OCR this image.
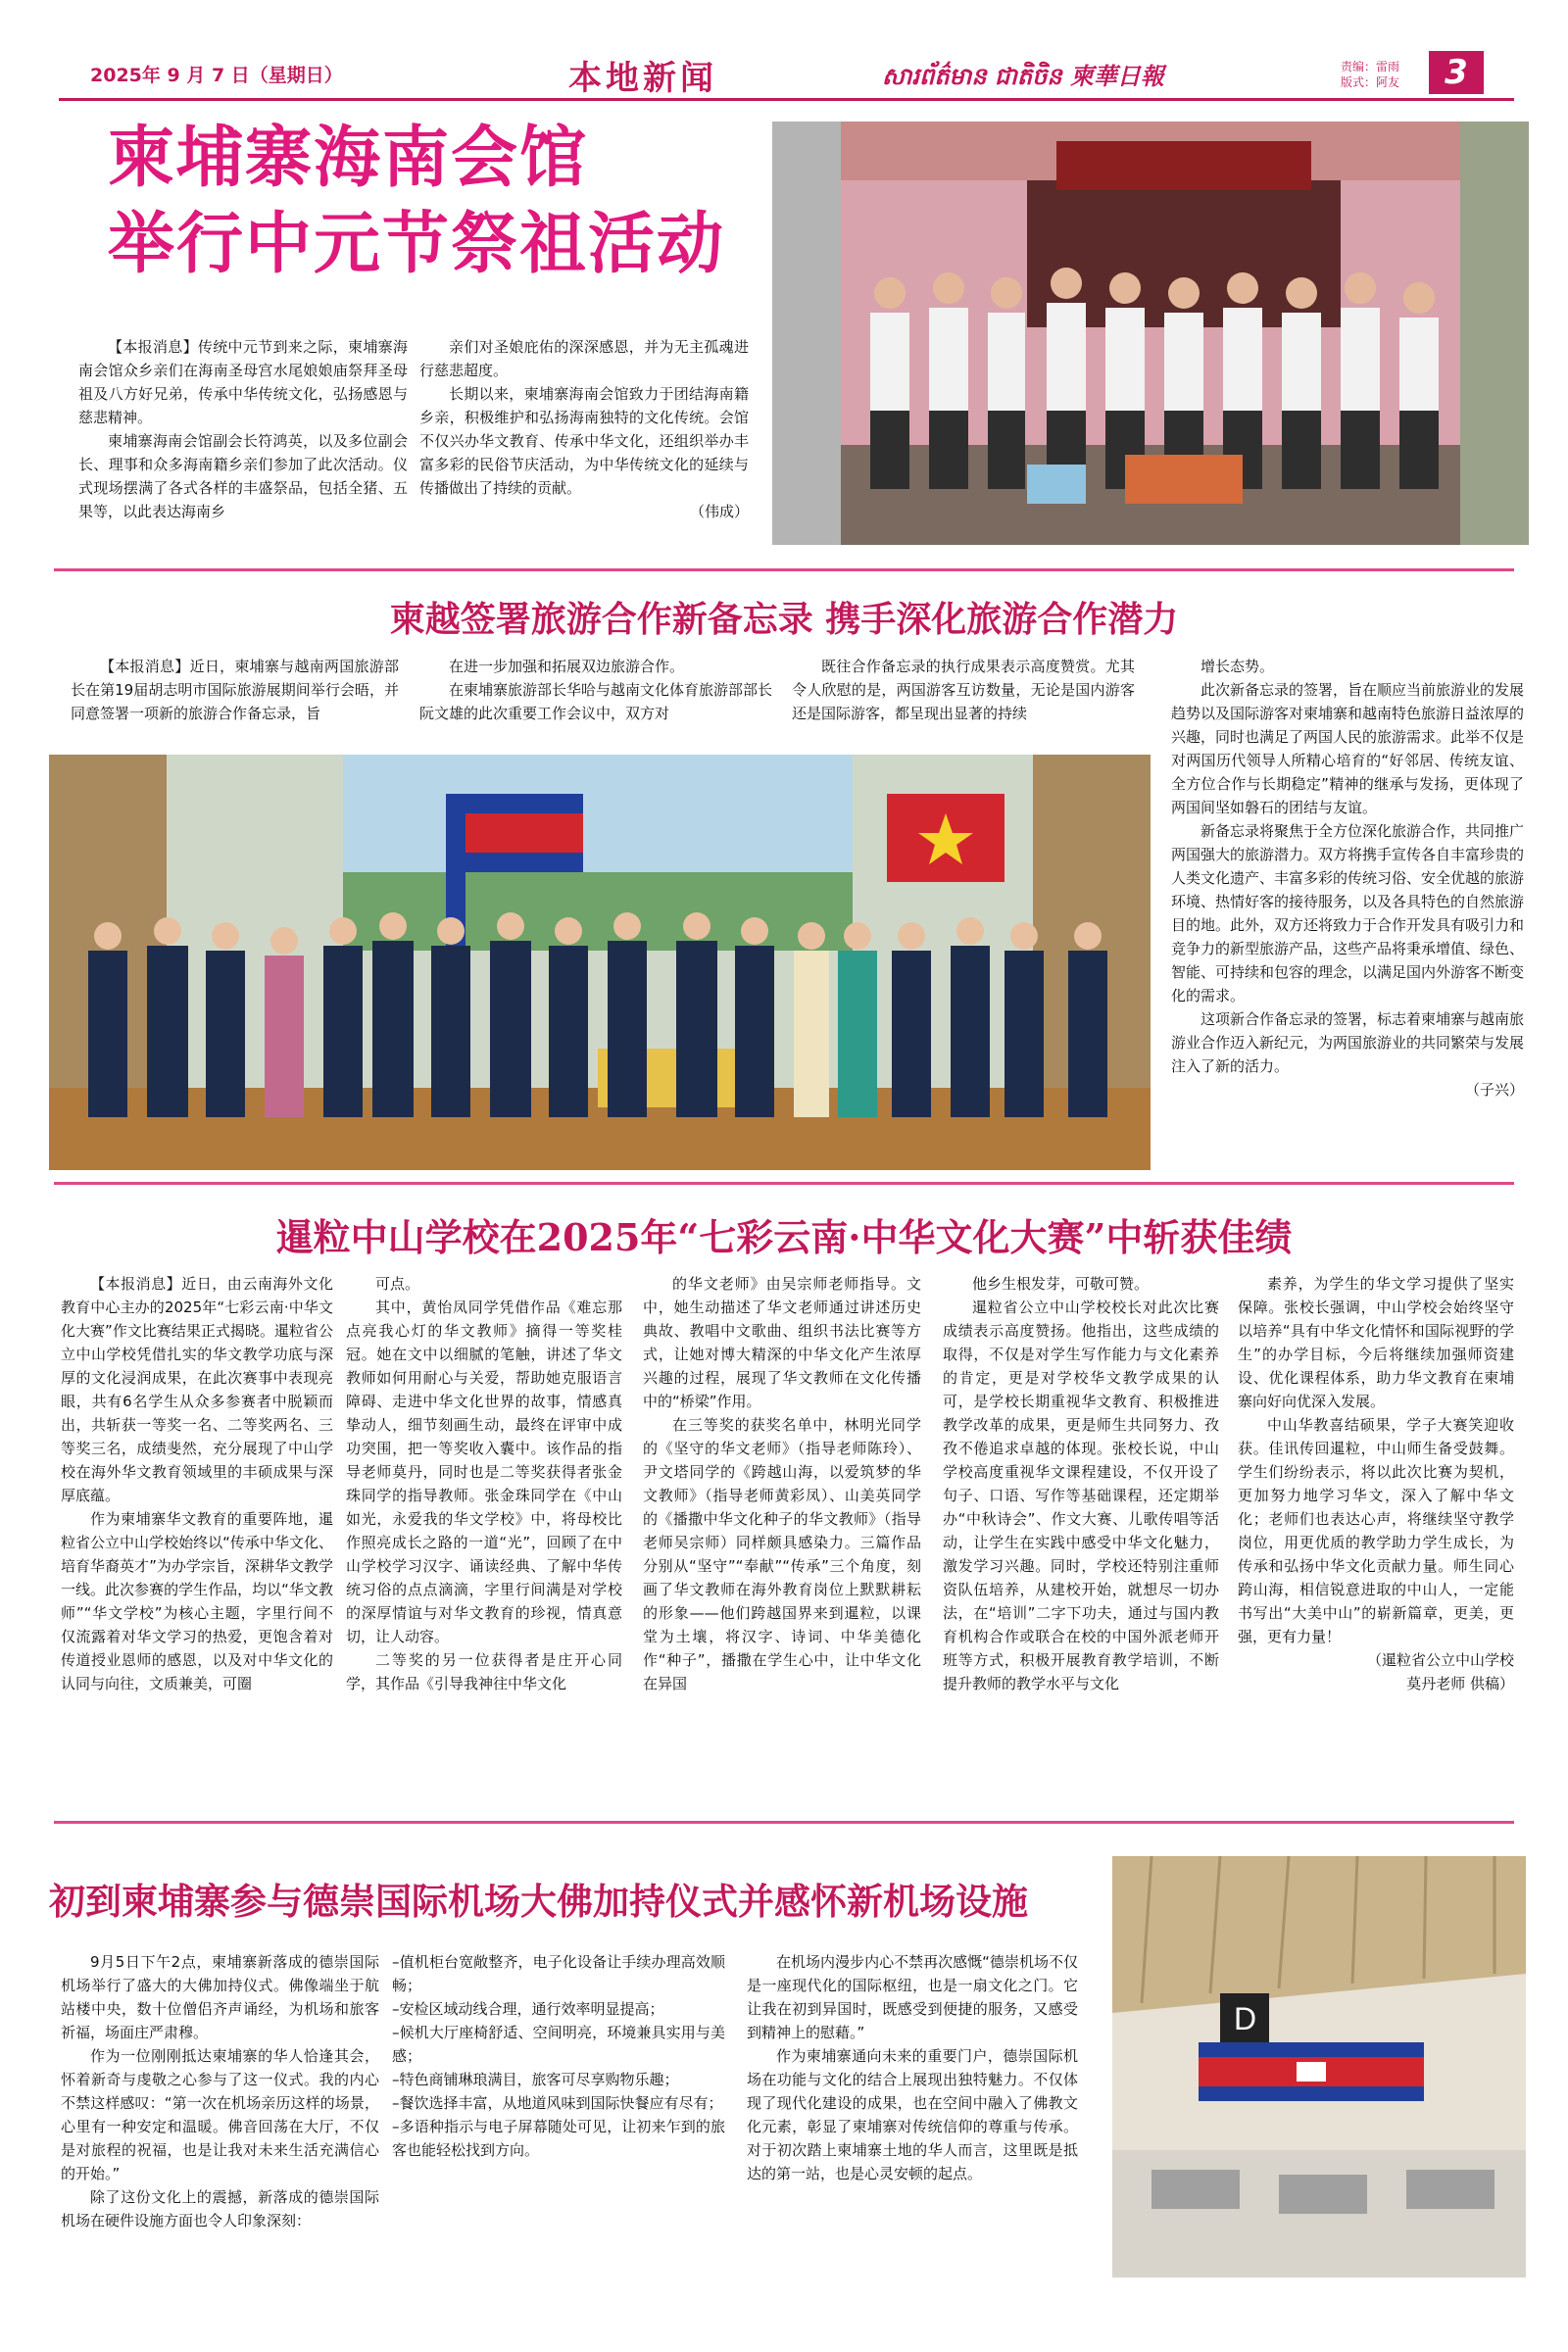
2025年 9 月 7 日（星期日）	本地新闻	សារព័ត៌មាន ជាតិចិន 柬華日報	责编：雷雨
版式：阿友	3
柬埔寨海南会馆
举行中元节祭祖活动

【本报消息】传统中元节到来之际，柬埔寨海南会馆众乡亲们在海南圣母宫水尾娘娘庙祭拜圣母祖及八方好兄弟，传承中华传统文化，弘扬感恩与慈悲精神。

柬埔寨海南会馆副会长符鸿英，以及多位副会长、理事和众多海南籍乡亲们参加了此次活动。仪式现场摆满了各式各样的丰盛祭品，包括全猪、五果等，以此表达海南乡

亲们对圣娘庇佑的深深感恩，并为无主孤魂进行慈悲超度。

长期以来，柬埔寨海南会馆致力于团结海南籍乡亲，积极维护和弘扬海南独特的文化传统。会馆不仅兴办华文教育、传承中华文化，还组织举办丰富多彩的民俗节庆活动，为中华传统文化的延续与传播做出了持续的贡献。

（伟成）
柬越签署旅游合作新备忘录 携手深化旅游合作潜力

【本报消息】近日，柬埔寨与越南两国旅游部长在第19届胡志明市国际旅游展期间举行会晤，并同意签署一项新的旅游合作备忘录，旨

在进一步加强和拓展双边旅游合作。

在柬埔寨旅游部长华哈与越南文化体育旅游部部长阮文雄的此次重要工作会议中，双方对

既往合作备忘录的执行成果表示高度赞赏。尤其令人欣慰的是，两国游客互访数量，无论是国内游客还是国际游客，都呈现出显著的持续

增长态势。

此次新备忘录的签署，旨在顺应当前旅游业的发展趋势以及国际游客对柬埔寨和越南特色旅游日益浓厚的兴趣，同时也满足了两国人民的旅游需求。此举不仅是对两国历代领导人所精心培育的“好邻居、传统友谊、全方位合作与长期稳定”精神的继承与发扬，更体现了两国间坚如磐石的团结与友谊。

新备忘录将聚焦于全方位深化旅游合作，共同推广两国强大的旅游潜力。双方将携手宣传各自丰富珍贵的人类文化遗产、丰富多彩的传统习俗、安全优越的旅游环境、热情好客的接待服务，以及各具特色的自然旅游目的地。此外，双方还将致力于合作开发具有吸引力和竞争力的新型旅游产品，这些产品将秉承增值、绿色、智能、可持续和包容的理念，以满足国内外游客不断变化的需求。

这项新合作备忘录的签署，标志着柬埔寨与越南旅游业合作迈入新纪元，为两国旅游业的共同繁荣与发展注入了新的活力。

（子兴）
暹粒中山学校在2025年“七彩云南·中华文化大赛”中斩获佳绩

【本报消息】近日，由云南海外文化教育中心主办的2025年“七彩云南·中华文化大赛”作文比赛结果正式揭晓。暹粒省公立中山学校凭借扎实的华文教学功底与深厚的文化浸润成果，在此次赛事中表现亮眼，共有6名学生从众多参赛者中脱颖而出，共斩获一等奖一名、二等奖两名、三等奖三名，成绩斐然，充分展现了中山学校在海外华文教育领域里的丰硕成果与深厚底蕴。

作为柬埔寨华文教育的重要阵地，暹粒省公立中山学校始终以“传承中华文化、培育华裔英才”为办学宗旨，深耕华文教学一线。此次参赛的学生作品，均以“华文教师”“华文学校”为核心主题，字里行间不仅流露着对华文学习的热爱，更饱含着对传道授业恩师的感恩，以及对中华文化的认同与向往，文质兼美，可圈

可点。

其中，黄怡凤同学凭借作品《难忘那点亮我心灯的华文教师》摘得一等奖桂冠。她在文中以细腻的笔触，讲述了华文教师如何用耐心与关爱，帮助她克服语言障碍、走进中华文化世界的故事，情感真挚动人，细节刻画生动，最终在评审中成功突围，把一等奖收入囊中。该作品的指导老师莫丹，同时也是二等奖获得者张金珠同学的指导教师。张金珠同学在《中山如光，永爱我的华文学校》中，将母校比作照亮成长之路的一道“光”，回顾了在中山学校学习汉字、诵读经典、了解中华传统习俗的点点滴滴，字里行间满是对学校的深厚情谊与对华文教育的珍视，情真意切，让人动容。

二等奖的另一位获得者是庄开心同学，其作品《引导我神往中华文化

的华文老师》由吴宗师老师指导。文中，她生动描述了华文老师通过讲述历史典故、教唱中文歌曲、组织书法比赛等方式，让她对博大精深的中华文化产生浓厚兴趣的过程，展现了华文教师在文化传播中的“桥梁”作用。

在三等奖的获奖名单中，林明光同学的《坚守的华文老师》（指导老师陈玲）、尹文塔同学的《跨越山海，以爱筑梦的华文教师》（指导老师黄彩凤）、山美英同学的《播撒中华文化种子的华文教师》（指导老师吴宗师）同样颇具感染力。三篇作品分别从“坚守”“奉献”“传承”三个角度，刻画了华文教师在海外教育岗位上默默耕耘的形象——他们跨越国界来到暹粒，以课堂为土壤，将汉字、诗词、中华美德化作“种子”，播撒在学生心中，让中华文化在异国

他乡生根发芽，可敬可赞。

暹粒省公立中山学校校长对此次比赛成绩表示高度赞扬。他指出，这些成绩的取得，不仅是对学生写作能力与文化素养的肯定，更是对学校华文教学成果的认可，是学校长期重视华文教育、积极推进教学改革的成果，更是师生共同努力、孜孜不倦追求卓越的体现。张校长说，中山学校高度重视华文课程建设，不仅开设了句子、口语、写作等基础课程，还定期举办“中秋诗会”、作文大赛、儿歌传唱等活动，让学生在实践中感受中华文化魅力，激发学习兴趣。同时，学校还特别注重师资队伍培养，从建校开始，就想尽一切办法，在“培训”二字下功夫，通过与国内教育机构合作或联合在校的中国外派老师开班等方式，积极开展教育教学培训，不断提升教师的教学水平与文化

素养，为学生的华文学习提供了坚实保障。张校长强调，中山学校会始终坚守以培养“具有中华文化情怀和国际视野的学生”的办学目标，今后将继续加强师资建设、优化课程体系，助力华文教育在柬埔寨向好向优深入发展。

中山华教喜结硕果，学子大赛笑迎收获。佳讯传回暹粒，中山师生备受鼓舞。学生们纷纷表示，将以此次比赛为契机，更加努力地学习华文，深入了解中华文化；老师们也表达心声，将继续坚守教学岗位，用更优质的教学助力学生成长，为传承和弘扬中华文化贡献力量。师生同心跨山海，相信锐意进取的中山人，一定能书写出“大美中山”的崭新篇章，更美，更强，更有力量！

（暹粒省公立中山学校
莫丹老师 供稿）
初到柬埔寨参与德崇国际机场大佛加持仪式并感怀新机场设施

9月5日下午2点，柬埔寨新落成的德崇国际机场举行了盛大的大佛加持仪式。佛像端坐于航站楼中央，数十位僧侣齐声诵经，为机场和旅客祈福，场面庄严肃穆。

作为一位刚刚抵达柬埔寨的华人恰逢其会，怀着新奇与虔敬之心参与了这一仪式。我的内心不禁这样感叹：“第一次在机场亲历这样的场景，心里有一种安定和温暖。佛音回荡在大厅，不仅是对旅程的祝福，也是让我对未来生活充满信心的开始。”

除了这份文化上的震撼，新落成的德崇国际机场在硬件设施方面也令人印象深刻：

–值机柜台宽敞整齐，电子化设备让手续办理高效顺畅；
–安检区域动线合理，通行效率明显提高；
–候机大厅座椅舒适、空间明亮，环境兼具实用与美感；
–特色商铺琳琅满目，旅客可尽享购物乐趣；
–餐饮选择丰富，从地道风味到国际快餐应有尽有；
–多语种指示与电子屏幕随处可见，让初来乍到的旅客也能轻松找到方向。

在机场内漫步内心不禁再次感慨“德崇机场不仅是一座现代化的国际枢纽，也是一扇文化之门。它让我在初到异国时，既感受到便捷的服务，又感受到精神上的慰藉。”

作为柬埔寨通向未来的重要门户，德崇国际机场在功能与文化的结合上展现出独特魅力。不仅体现了现代化建设的成果，也在空间中融入了佛教文化元素，彰显了柬埔寨对传统信仰的尊重与传承。对于初次踏上柬埔寨土地的华人而言，这里既是抵达的第一站，也是心灵安顿的起点。

D
